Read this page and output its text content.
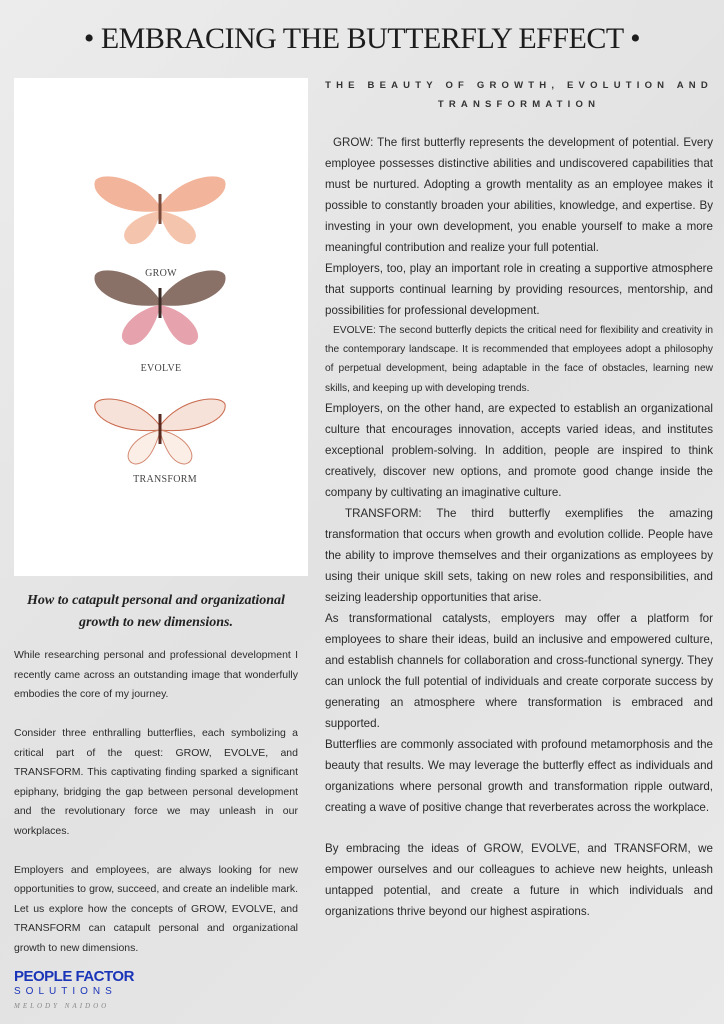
• EMBRACING THE BUTTERFLY EFFECT •
GROW
EVOLVE
TRANSFORM
THE BEAUTY OF GROWTH, EVOLUTION AND TRANSFORMATION

GROW: The first butterfly represents the development of potential. Every employee possesses distinctive abilities and undiscovered capabilities that must be nurtured. Adopting a growth mentality as an employee makes it possible to constantly broaden your abilities, knowledge, and expertise. By investing in your own development, you enable yourself to make a more meaningful contribution and realize your full potential.

Employers, too, play an important role in creating a supportive atmosphere that supports continual learning by providing resources, mentorship, and possibilities for professional development.

EVOLVE: The second butterfly depicts the critical need for flexibility and creativity in the contemporary landscape. It is recommended that employees adopt a philosophy of perpetual development, being adaptable in the face of obstacles, learning new skills, and keeping up with developing trends.

Employers, on the other hand, are expected to establish an organizational culture that encourages innovation, accepts varied ideas, and institutes exceptional problem-solving. In addition, people are inspired to think creatively, discover new options, and promote good change inside the company by cultivating an imaginative culture.

TRANSFORM: The third butterfly exemplifies the amazing transformation that occurs when growth and evolution collide. People have the ability to improve themselves and their organizations as employees by using their unique skill sets, taking on new roles and responsibilities, and seizing leadership opportunities that arise.

As transformational catalysts, employers may offer a platform for employees to share their ideas, build an inclusive and empowered culture, and establish channels for collaboration and cross-functional synergy. They can unlock the full potential of individuals and create corporate success by generating an atmosphere where transformation is embraced and supported.

Butterflies are commonly associated with profound metamorphosis and the beauty that results. We may leverage the butterfly effect as individuals and organizations where personal growth and transformation ripple outward, creating a wave of positive change that reverberates across the workplace.

By embracing the ideas of GROW, EVOLVE, and TRANSFORM, we empower ourselves and our colleagues to achieve new heights, unleash untapped potential, and create a future in which individuals and organizations thrive beyond our highest aspirations.

How to catapult personal and organizational growth to new dimensions.

While researching personal and professional development I recently came across an outstanding image that wonderfully embodies the core of my journey.

Consider three enthralling butterflies, each symbolizing a critical part of the quest: GROW, EVOLVE, and TRANSFORM. This captivating finding sparked a significant epiphany, bridging the gap between personal development and the revolutionary force we may unleash in our workplaces.

Employers and employees, are always looking for new opportunities to grow, succeed, and create an indelible mark. Let us explore how the concepts of GROW, EVOLVE, and TRANSFORM can catapult personal and organizational growth to new dimensions.

PEOPLE FACTOR
SOLUTIONS
MELODY NAIDOO
